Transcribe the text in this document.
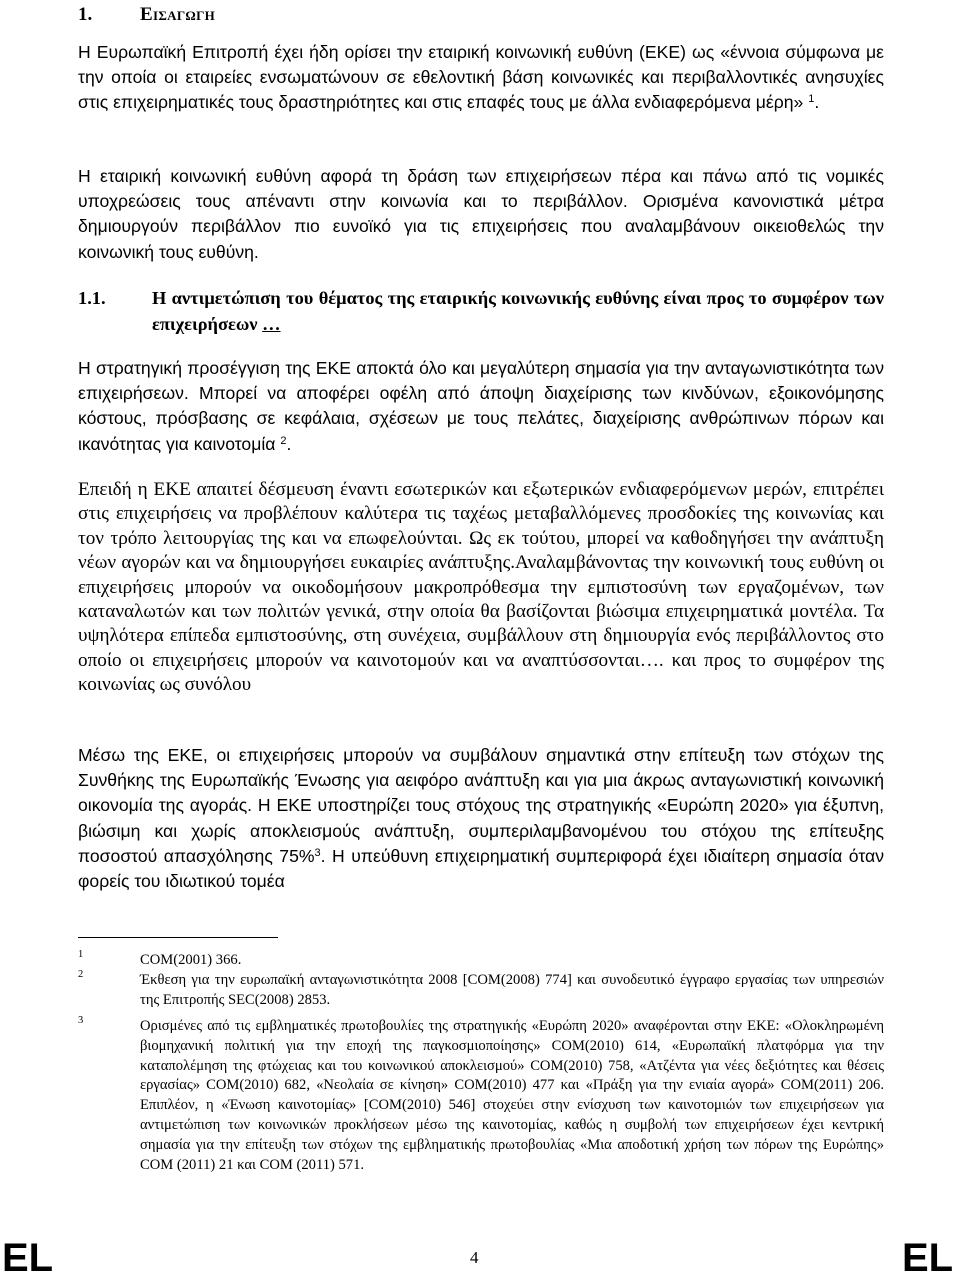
1.	Εισαγωγη
Η Ευρωπαϊκή Επιτροπή έχει ήδη ορίσει την εταιρική κοινωνική ευθύνη (ΕΚΕ) ως «έννοια σύμφωνα με την οποία οι εταιρείες ενσωματώνουν σε εθελοντική βάση κοινωνικές και περιβαλλοντικές ανησυχίες στις επιχειρηματικές τους δραστηριότητες και στις επαφές τους με άλλα ενδιαφερόμενα μέρη» $^1$.
Η εταιρική κοινωνική ευθύνη αφορά τη δράση των επιχειρήσεων πέρα και πάνω από τις νομικές υποχρεώσεις τους απέναντι στην κοινωνία και το περιβάλλον. Ορισμένα κανονιστικά μέτρα δημιουργούν περιβάλλον πιο ευνοϊκό για τις επιχειρήσεις που αναλαμβάνουν οικειοθελώς την κοινωνική τους ευθύνη.
1.1.	Η αντιμετώπιση του θέματος της εταιρικής κοινωνικής ευθύνης είναι προς το συμφέρον των επιχειρήσεων …
Η στρατηγική προσέγγιση της ΕΚΕ αποκτά όλο και μεγαλύτερη σημασία για την ανταγωνιστικότητα των επιχειρήσεων. Μπορεί να αποφέρει οφέλη από άποψη διαχείρισης των κινδύνων, εξοικονόμησης κόστους, πρόσβασης σε κεφάλαια, σχέσεων με τους πελάτες, διαχείρισης ανθρώπινων πόρων και ικανότητας για καινοτομία $^2$.
Επειδή η ΕΚΕ απαιτεί δέσμευση έναντι εσωτερικών και εξωτερικών ενδιαφερόμενων μερών, επιτρέπει στις επιχειρήσεις να προβλέπουν καλύτερα τις ταχέως μεταβαλλόμενες προσδοκίες της κοινωνίας και τον τρόπο λειτουργίας της και να επωφελούνται. Ως εκ τούτου, μπορεί να καθοδηγήσει την ανάπτυξη νέων αγορών και να δημιουργήσει ευκαιρίες ανάπτυξης.Αναλαμβάνοντας την κοινωνική τους ευθύνη οι επιχειρήσεις μπορούν να οικοδομήσουν μακροπρόθεσμα την εμπιστοσύνη των εργαζομένων, των καταναλωτών και των πολιτών γενικά, στην οποία θα βασίζονται βιώσιμα επιχειρηματικά μοντέλα. Τα υψηλότερα επίπεδα εμπιστοσύνης, στη συνέχεια, συμβάλλουν στη δημιουργία ενός περιβάλλοντος στο οποίο οι επιχειρήσεις μπορούν να καινοτομούν και να αναπτύσσονται…. και προς το συμφέρον της κοινωνίας ως συνόλου
Μέσω της ΕΚΕ, οι επιχειρήσεις μπορούν να συμβάλουν σημαντικά στην επίτευξη των στόχων της Συνθήκης της Ευρωπαϊκής Ένωσης για αειφόρο ανάπτυξη και για μια άκρως ανταγωνιστική κοινωνική οικονομία της αγοράς. Η ΕΚΕ υποστηρίζει τους στόχους της στρατηγικής «Ευρώπη 2020» για έξυπνη, βιώσιμη και χωρίς αποκλεισμούς ανάπτυξη, συμπεριλαμβανομένου του στόχου της επίτευξης ποσοστού απασχόλησης 75%$^3$. Η υπεύθυνη επιχειρηματική συμπεριφορά έχει ιδιαίτερη σημασία όταν φορείς του ιδιωτικού τομέα
1	COM(2001) 366.
2	Έκθεση για την ευρωπαϊκή ανταγωνιστικότητα 2008 [COM(2008) 774] και συνοδευτικό έγγραφο εργασίας των υπηρεσιών της Επιτροπής SEC(2008) 2853.
3	Ορισμένες από τις εμβληματικές πρωτοβουλίες της στρατηγικής «Ευρώπη 2020» αναφέρονται στην ΕΚΕ: «Ολοκληρωμένη βιομηχανική πολιτική για την εποχή της παγκοσμιοποίησης» COM(2010) 614, «Ευρωπαϊκή πλατφόρμα για την καταπολέμηση της φτώχειας και του κοινωνικού αποκλεισμού» COM(2010) 758, «Ατζέντα για νέες δεξιότητες και θέσεις εργασίας» COM(2010) 682, «Νεολαία σε κίνηση» COM(2010) 477 και «Πράξη για την ενιαία αγορά» COM(2011) 206. Επιπλέον, η «Ένωση καινοτομίας» [COM(2010) 546] στοχεύει στην ενίσχυση των καινοτομιών των επιχειρήσεων για αντιμετώπιση των κοινωνικών προκλήσεων μέσω της καινοτομίας, καθώς η συμβολή των επιχειρήσεων έχει κεντρική σημασία για την επίτευξη των στόχων της εμβληματικής πρωτοβουλίας «Μια αποδοτική χρήση των πόρων της Ευρώπης» COM (2011) 21 και COM (2011) 571.
EL	4	EL
